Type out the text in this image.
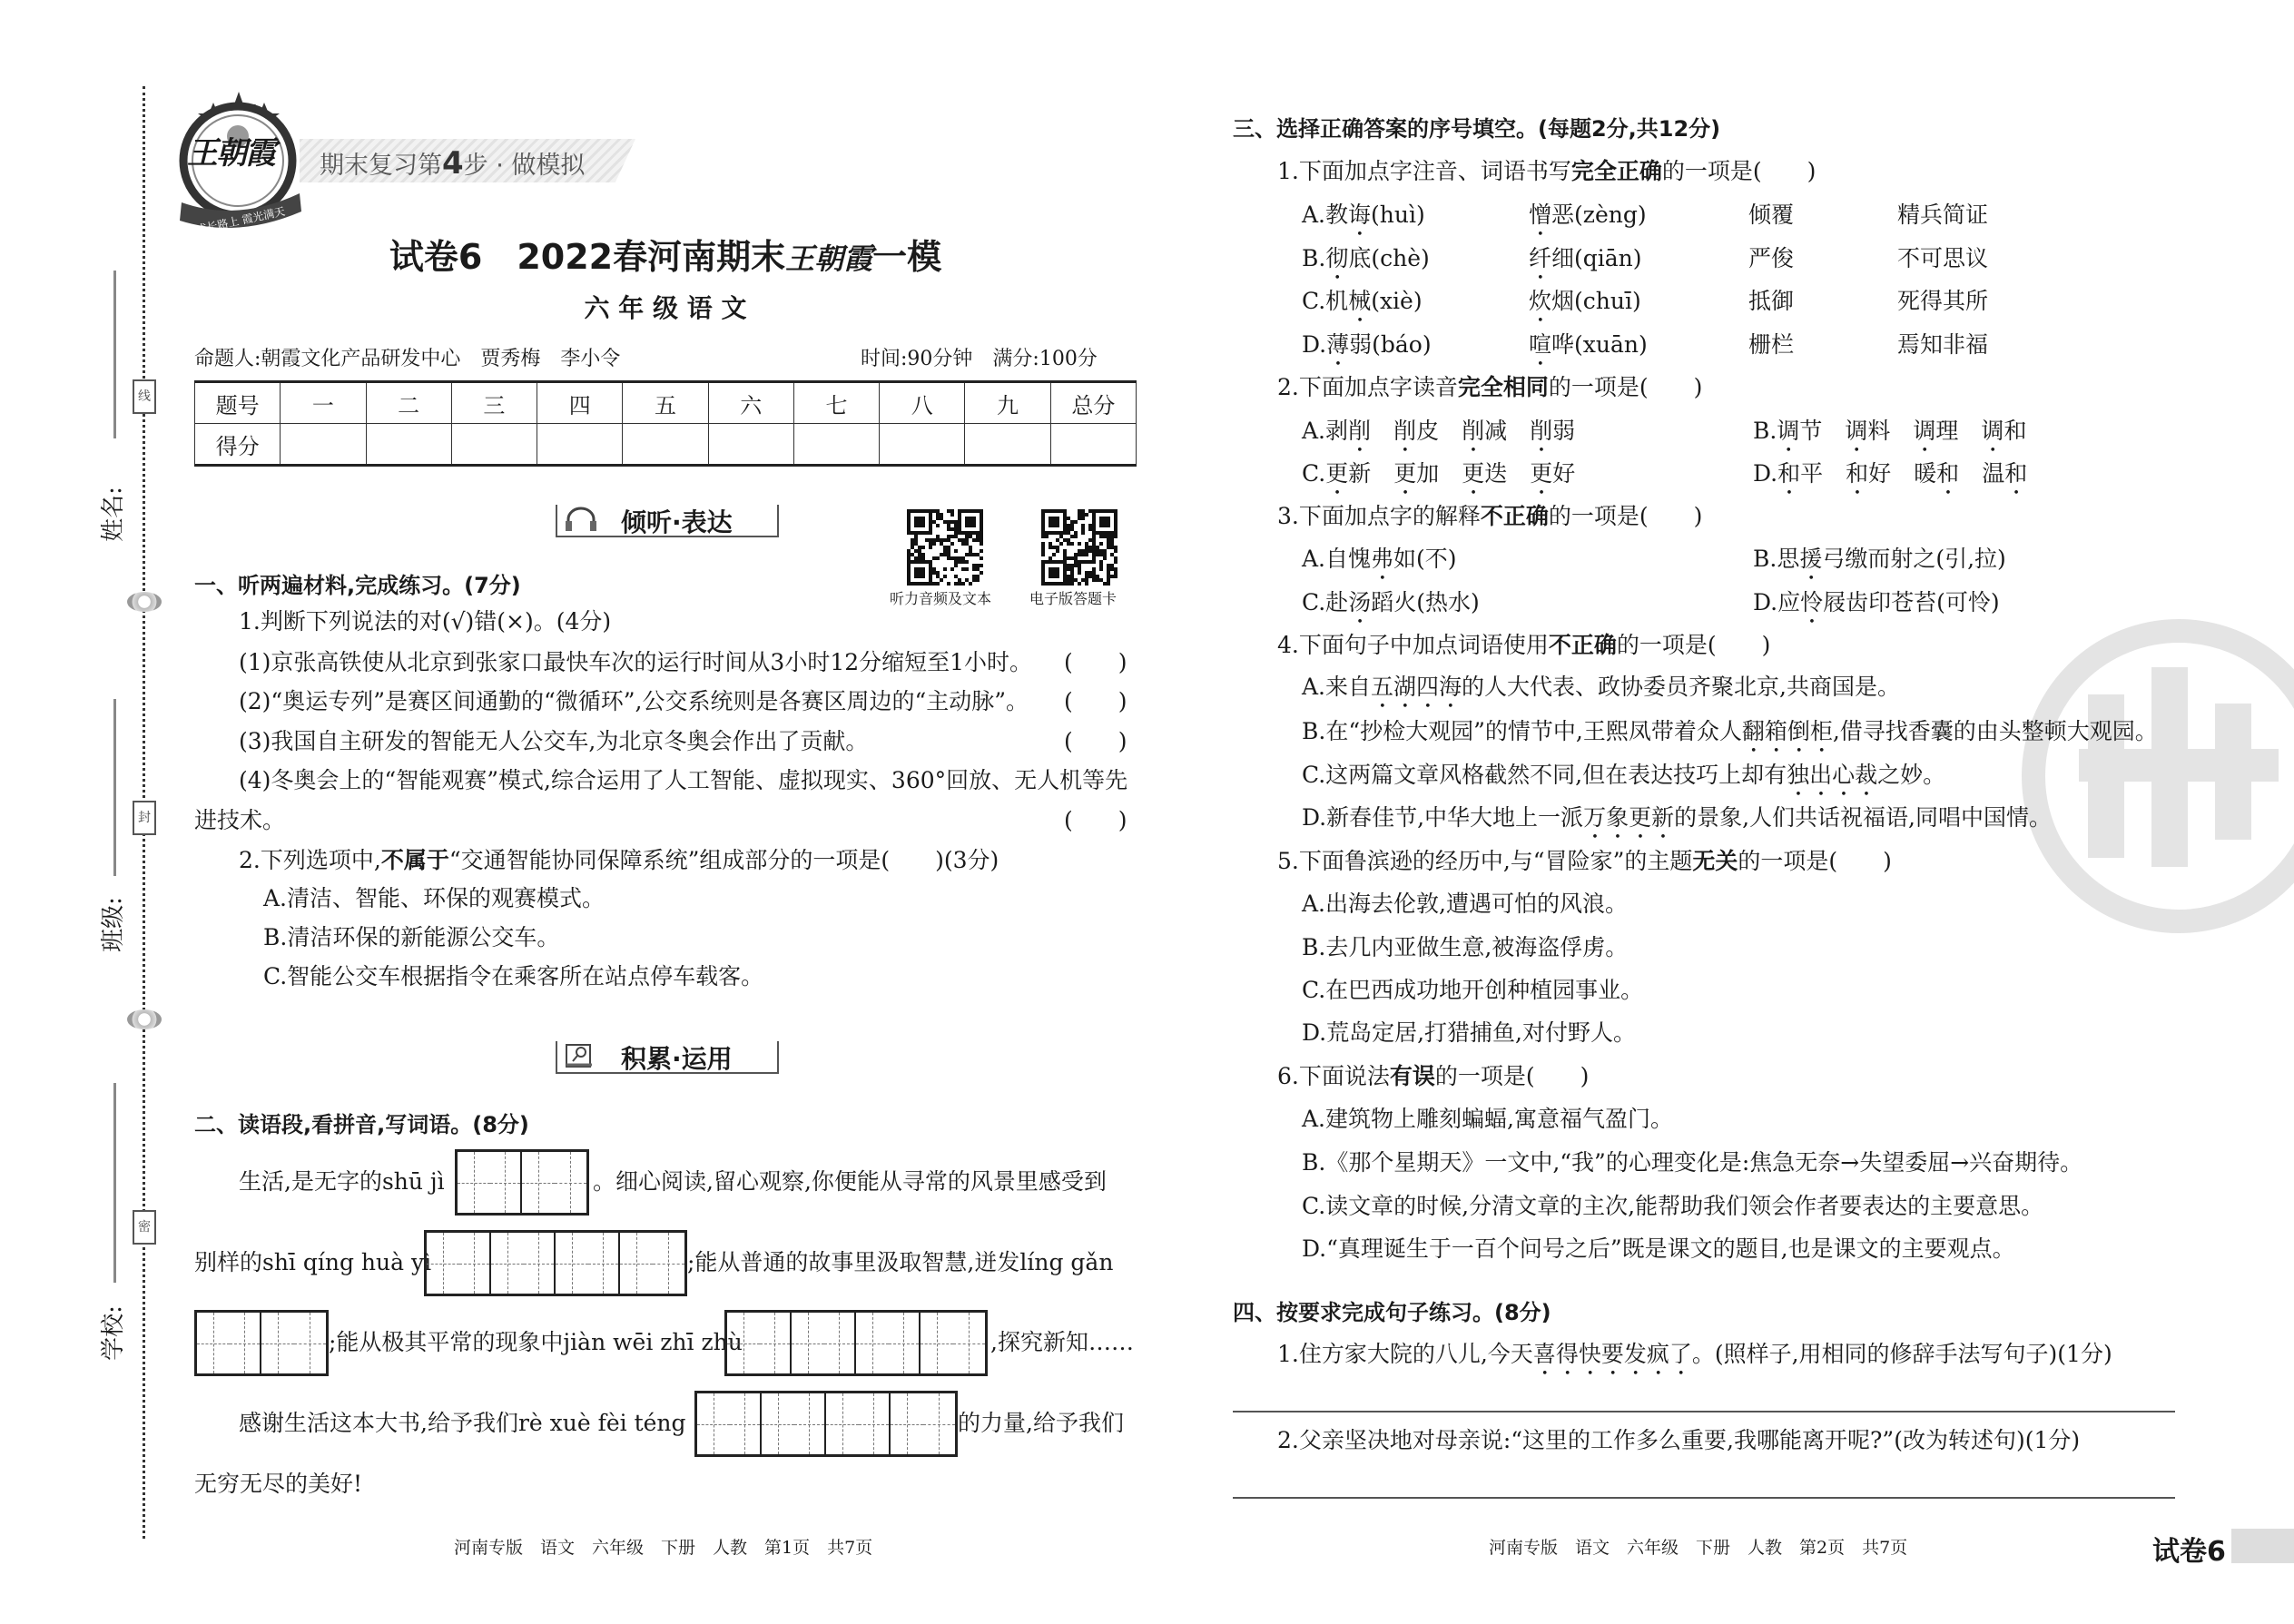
姓名:
班级:
学校:
线
封
密
王朝霞
成长路上 霞光满天
期末复习第4步 · 做模拟
试卷6　2022春河南期末王朝霞一模
六 年 级 语 文
命题人:朝霞文化产品研发中心　贾秀梅　李小令	时间:90分钟　满分:100分
题号	一	二	三	四	五	六	七	八	九	总分
得分										
倾听·表达
积累·运用
听力音频及文本	电子版答题卡
河南专版　语文　六年级　下册　人教　第1页　共7页	河南专版　语文　六年级　下册　人教　第2页　共7页	试卷6
一、听两遍材料,完成练习。(7分)
1.判断下列说法的对(√)错(×)。(4分)
(1)京张高铁使从北京到张家口最快车次的运行时间从3小时12分缩短至1小时。
(2)“奥运专列”是赛区间通勤的“微循环”,公交系统则是各赛区周边的“主动脉”。
(3)我国自主研发的智能无人公交车,为北京冬奥会作出了贡献。
(4)冬奥会上的“智能观赛”模式,综合运用了人工智能、虚拟现实、360°回放、无人机等先
进技术。
(　　)
(　　)
(　　)
(　　)
2.下列选项中,不属于“交通智能协同保障系统”组成部分的一项是(　　)(3分)
A.清洁、智能、环保的观赛模式。
B.清洁环保的新能源公交车。
C.智能公交车根据指令在乘客所在站点停车载客。
二、读语段,看拼音,写词语。(8分)
生活,是无字的shū jì	。细心阅读,留心观察,你便能从寻常的风景里感受到
别样的shī qíng huà yì	;能从普通的故事里汲取智慧,迸发líng gǎn
;能从极其平常的现象中jiàn wēi zhī zhù	,探究新知……
感谢生活这本大书,给予我们rè xuè fèi téng	的力量,给予我们
无穷无尽的美好!
三、选择正确答案的序号填空。(每题2分,共12分)
1.下面加点字注音、词语书写完全正确的一项是(　　)
A.教诲(huì)	憎恶(zèng)	倾覆	精兵简证
B.彻底(chè)	纤细(qiān)	严俊	不可思议
C.机械(xiè)	炊烟(chuī)	抵御	死得其所
D.薄弱(báo)	喧哗(xuān)	栅栏	焉知非福
2.下面加点字读音完全相同的一项是(　　)
A.剥削　 削皮　削减　削弱	B.调节　调料　调理　调和
C.更新　更加　更迭　更好	D.和平　和好　暖和　温和
3.下面加点字的解释不正确的一项是(　　)
A.自愧弗如(不)	B.思援弓缴而射之(引,拉)
C.赴汤蹈火(热水)	D.应怜屐齿印苍苔(可怜)
4.下面句子中加点词语使用不正确的一项是(　　)
A.来自五湖四海的人大代表、政协委员齐聚北京,共商国是。
B.在“抄检大观园”的情节中,王熙凤带着众人翻箱倒柜,借寻找香囊的由头整顿大观园。
C.这两篇文章风格截然不同,但在表达技巧上却有独出心裁之妙。
D.新春佳节,中华大地上一派万象更新的景象,人们共话祝福语,同唱中国情。
5.下面鲁滨逊的经历中,与“冒险家”的主题无关的一项是(　　)
A.出海去伦敦,遭遇可怕的风浪。
B.去几内亚做生意,被海盗俘虏。
C.在巴西成功地开创种植园事业。
D.荒岛定居,打猎捕鱼,对付野人。
6.下面说法有误的一项是(　　)
A.建筑物上雕刻蝙蝠,寓意福气盈门。
B.《那个星期天》一文中,“我”的心理变化是:焦急无奈→失望委屈→兴奋期待。
C.读文章的时候,分清文章的主次,能帮助我们领会作者要表达的主要意思。
D.“真理诞生于一百个问号之后”既是课文的题目,也是课文的主要观点。
四、按要求完成句子练习。(8分)
1.住方家大院的八儿,今天喜得快要发疯了。(照样子,用相同的修辞手法写句子)(1分)
2.父亲坚决地对母亲说:“这里的工作多么重要,我哪能离开呢?”(改为转述句)(1分)
